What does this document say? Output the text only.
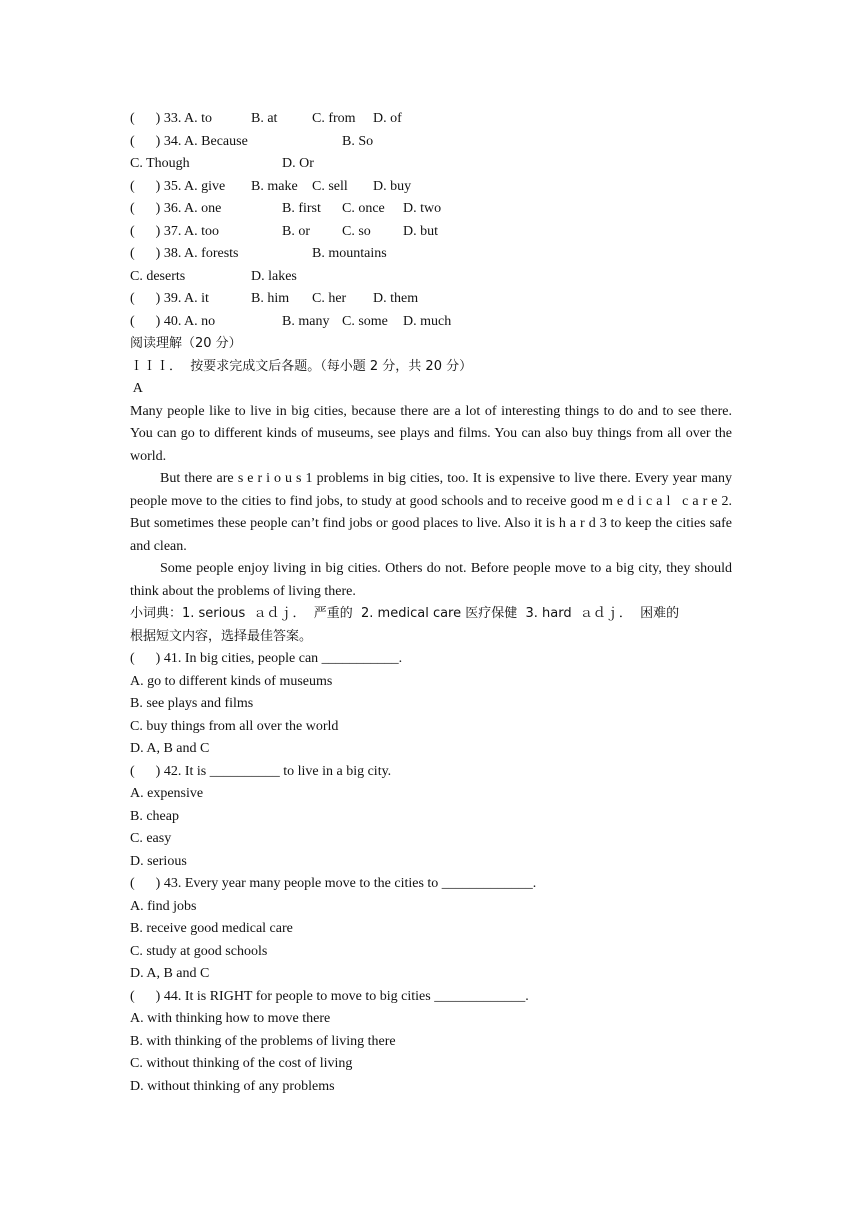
(      ) 33. A. to	B. at C. from D. of
(      ) 34. A. Because	B. So
C. Though	D. Or
(      ) 35. A. give B. make C. sell D. buy
(      ) 36. A. one	B. first C. once D. two
(      ) 37. A. too	B. or C. so D. but
(      ) 38. A. forests	B. mountains
C. deserts	D. lakes
(      ) 39. A. it	B. him C. her D. them
(      ) 40. A. no	B. many C. some D. much
阅读理解（20 分）
ＩＩＩ．  按要求完成文后各题。（每小题 2 分，共 20 分）
A
Many people like to live in big cities, because there are a lot of interesting things to do and to see there. You can go to different kinds of museums, see plays and films. You can also buy things from all over the world.
But there are serious1 problems in big cities, too. It is expensive to live there. Every year many people move to the cities to find jobs, to study at good schools and to receive good medical care2. But sometimes these people can’t find jobs or good places to live. Also it is hard3 to keep the cities safe and clean.
Some people enjoy living in big cities. Others do not. Before people move to a big city, they should think about the problems of living there.
小词典：1. serious  ａｄｊ．  严重的  2. medical care 医疗保健  3. hard  ａｄｊ．  困难的
根据短文内容，选择最佳答案。
(      ) 41. In big cities, people can ___________.
A. go to different kinds of museums
B. see plays and films
C. buy things from all over the world
D. A, B and C
(      ) 42. It is __________ to live in a big city.
A. expensive
B. cheap
C. easy
D. serious
(      ) 43. Every year many people move to the cities to _____________.
A. find jobs
B. receive good medical care
C. study at good schools
D. A, B and C
(      ) 44. It is RIGHT for people to move to big cities _____________.
A. with thinking how to move there
B. with thinking of the problems of living there
C. without thinking of the cost of living
D. without thinking of any problems
